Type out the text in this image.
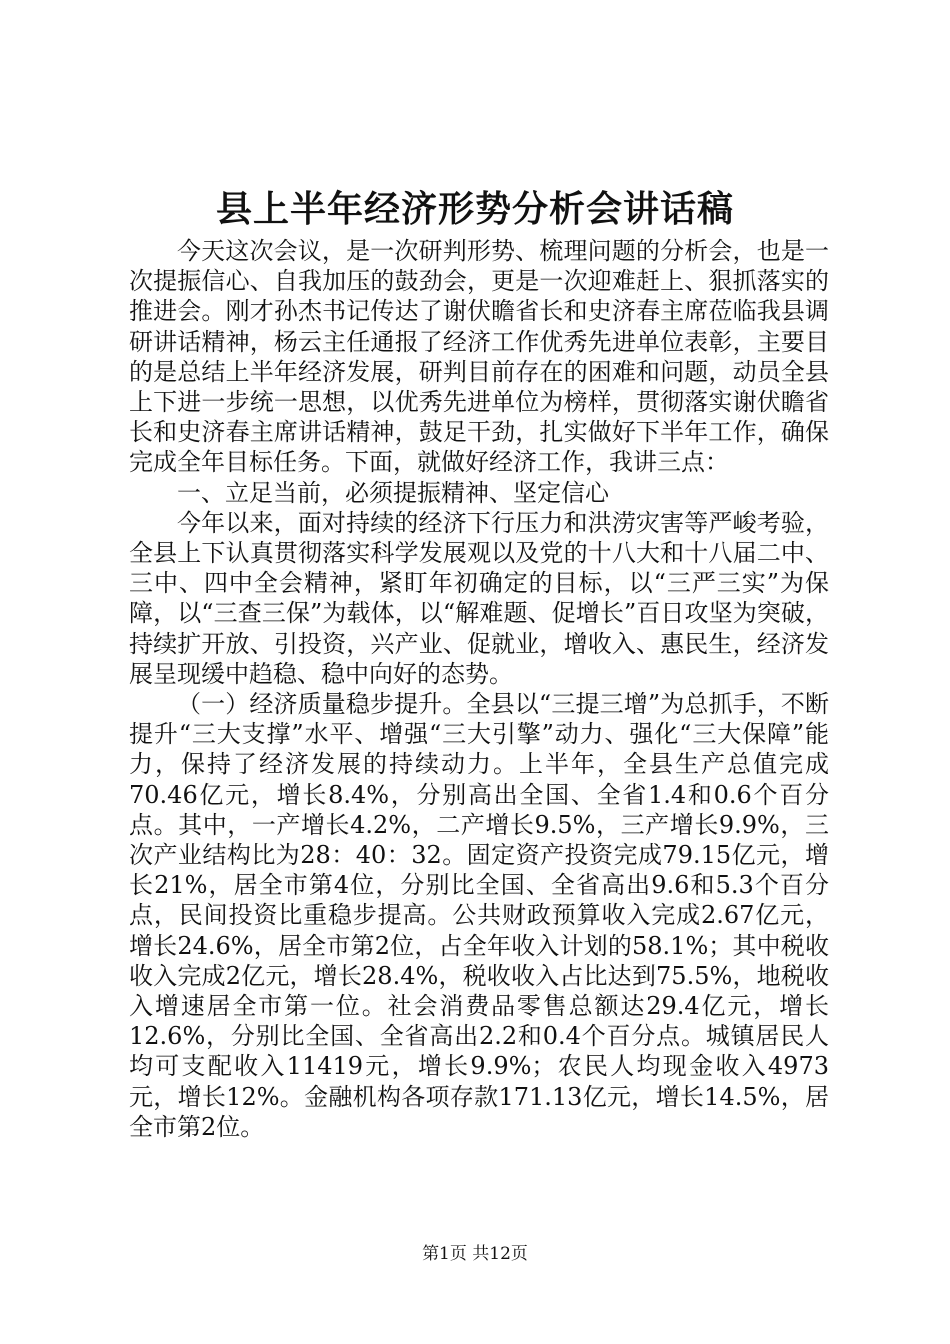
县上半年经济形势分析会讲话稿

今天这次会议，是一次研判形势、梳理问题的分析会，也是一次提振信心、自我加压的鼓劲会，更是一次迎难赶上、狠抓落实的推进会。刚才孙杰书记传达了谢伏瞻省长和史济春主席莅临我县调研讲话精神，杨云主任通报了经济工作优秀先进单位表彰，主要目的是总结上半年经济发展，研判目前存在的困难和问题，动员全县上下进一步统一思想，以优秀先进单位为榜样，贯彻落实谢伏瞻省长和史济春主席讲话精神，鼓足干劲，扎实做好下半年工作，确保完成全年目标任务。下面，就做好经济工作，我讲三点：

一、立足当前，必须提振精神、坚定信心

今年以来，面对持续的经济下行压力和洪涝灾害等严峻考验，全县上下认真贯彻落实科学发展观以及党的十八大和十八届二中、三中、四中全会精神，紧盯年初确定的目标，以“三严三实”为保障，以“三查三保”为载体，以“解难题、促增长”百日攻坚为突破，持续扩开放、引投资，兴产业、促就业，增收入、惠民生，经济发展呈现缓中趋稳、稳中向好的态势。

（一）经济质量稳步提升。全县以“三提三增”为总抓手，不断提升“三大支撑”水平、增强“三大引擎”动力、强化“三大保障”能力，保持了经济发展的持续动力。上半年，全县生产总值完成70.46亿元，增长8.4%，分别高出全国、全省1.4和0.6个百分点。其中，一产增长4.2%，二产增长9.5%，三产增长9.9%，三次产业结构比为28：40：32。固定资产投资完成79.15亿元，增长21%，居全市第4位，分别比全国、全省高出9.6和5.3个百分点，民间投资比重稳步提高。公共财政预算收入完成2.67亿元，增长24.6%，居全市第2位，占全年收入计划的58.1%；其中税收收入完成2亿元，增长28.4%，税收收入占比达到75.5%，地税收入增速居全市第一位。社会消费品零售总额达29.4亿元，增长12.6%，分别比全国、全省高出2.2和0.4个百分点。城镇居民人均可支配收入11419元，增长9.9%；农民人均现金收入4973元，增长12%。金融机构各项存款171.13亿元，增长14.5%，居全市第2位。

第1页 共12页
